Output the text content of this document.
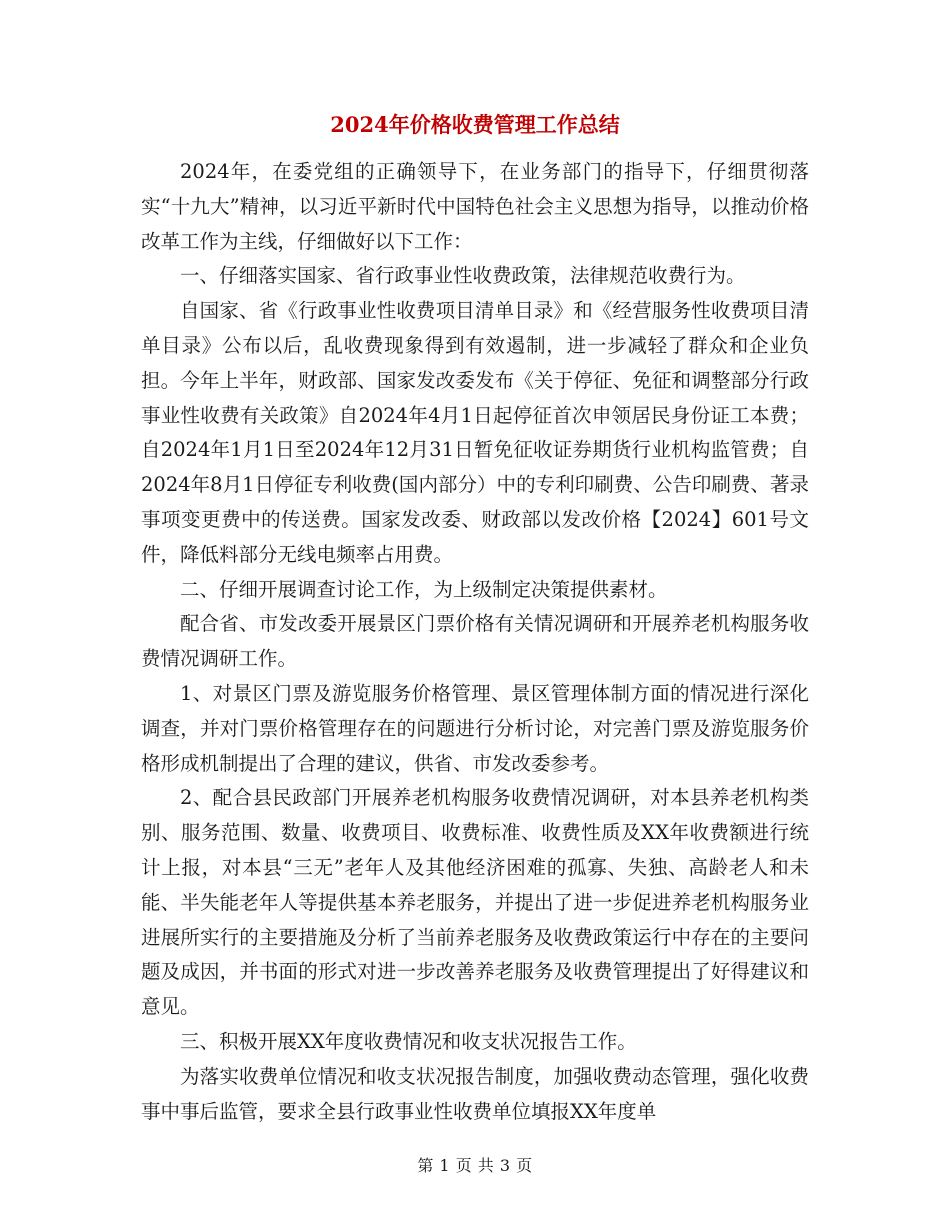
2024年价格收费管理工作总结

2024年，在委党组的正确领导下，在业务部门的指导下，仔细贯彻落实“十九大”精神，以习近平新时代中国特色社会主义思想为指导，以推动价格改革工作为主线，仔细做好以下工作：

一、仔细落实国家、省行政事业性收费政策，法律规范收费行为。

自国家、省《行政事业性收费项目清单目录》和《经营服务性收费项目清单目录》公布以后，乱收费现象得到有效遏制，进一步减轻了群众和企业负担。今年上半年，财政部、国家发改委发布《关于停征、免征和调整部分行政事业性收费有关政策》自2024年4月1日起停征首次申领居民身份证工本费；自2024年1月1日至2024年12月31日暂免征收证券期货行业机构监管费；自2024年8月1日停征专利收费(国内部分）中的专利印刷费、公告印刷费、著录事项变更费中的传送费。国家发改委、财政部以发改价格【2024】601号文件，降低料部分无线电频率占用费。

二、仔细开展调查讨论工作，为上级制定决策提供素材。

配合省、市发改委开展景区门票价格有关情况调研和开展养老机构服务收费情况调研工作。

1、对景区门票及游览服务价格管理、景区管理体制方面的情况进行深化调查，并对门票价格管理存在的问题进行分析讨论，对完善门票及游览服务价格形成机制提出了合理的建议，供省、市发改委参考。

2、配合县民政部门开展养老机构服务收费情况调研，对本县养老机构类别、服务范围、数量、收费项目、收费标准、收费性质及XX年收费额进行统计上报，对本县“三无”老年人及其他经济困难的孤寡、失独、高龄老人和未能、半失能老年人等提供基本养老服务，并提出了进一步促进养老机构服务业进展所实行的主要措施及分析了当前养老服务及收费政策运行中存在的主要问题及成因，并书面的形式对进一步改善养老服务及收费管理提出了好得建议和意见。

三、积极开展XX年度收费情况和收支状况报告工作。

为落实收费单位情况和收支状况报告制度，加强收费动态管理，强化收费事中事后监管，要求全县行政事业性收费单位填报XX年度单

第 1 页 共 3 页
